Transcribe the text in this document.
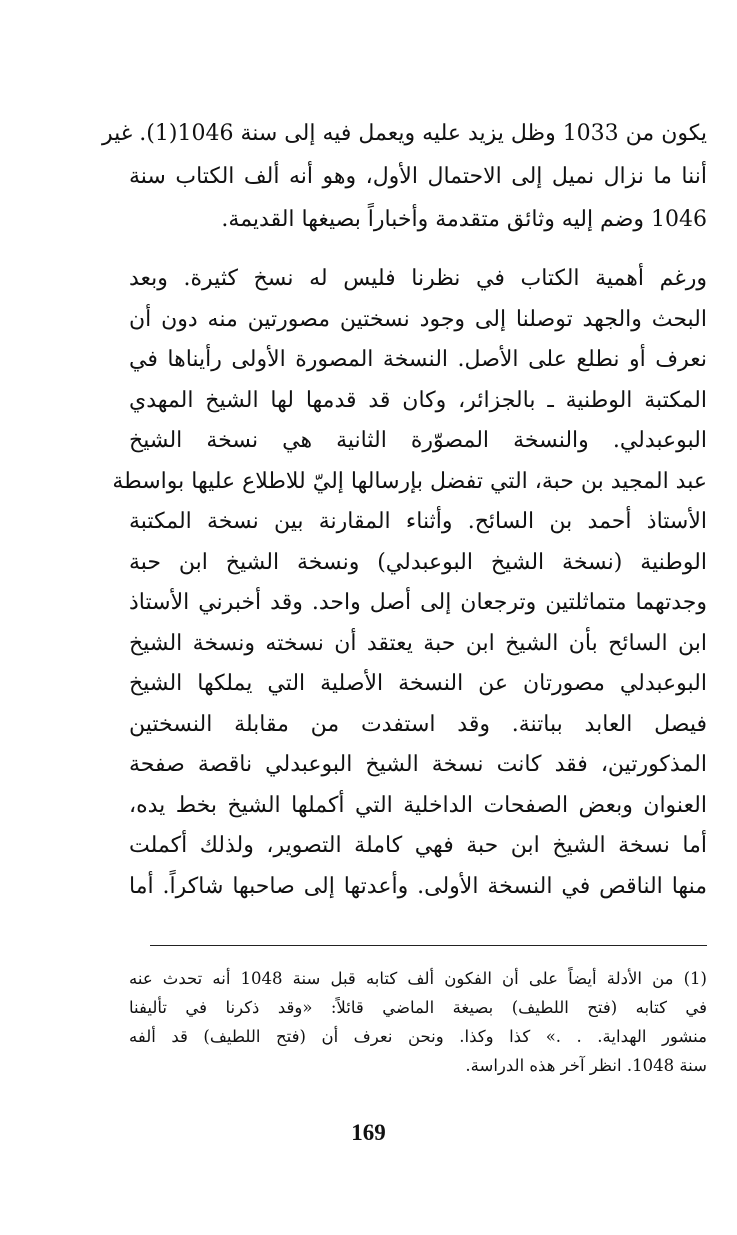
يكون من 1033 وظل يزيد عليه ويعمل فيه إلى سنة 1046(1). غير
أننا ما نزال نميل إلى الاحتمال الأول، وهو أنه ألف الكتاب سنة
1046 وضم إليه وثائق متقدمة وأخباراً بصيغها القديمة.
ورغم أهمية الكتاب في نظرنا فليس له نسخ كثيرة. وبعد
البحث والجهد توصلنا إلى وجود نسختين مصورتين منه دون أن
نعرف أو نطلع على الأصل. النسخة المصورة الأولى رأيناها في
المكتبة الوطنية ـ بالجزائر، وكان قد قدمها لها الشيخ المهدي
البوعبدلي. والنسخة المصوّرة الثانية هي نسخة الشيخ
عبد المجيد بن حبة، التي تفضل بإرسالها إليّ للاطلاع عليها بواسطة
الأستاذ أحمد بن السائح. وأثناء المقارنة بين نسخة المكتبة
الوطنية (نسخة الشيخ البوعبدلي) ونسخة الشيخ ابن حبة
وجدتهما متماثلتين وترجعان إلى أصل واحد. وقد أخبرني الأستاذ
ابن السائح بأن الشيخ ابن حبة يعتقد أن نسخته ونسخة الشيخ
البوعبدلي مصورتان عن النسخة الأصلية التي يملكها الشيخ
فيصل العابد بباتنة. وقد استفدت من مقابلة النسختين
المذكورتين، فقد كانت نسخة الشيخ البوعبدلي ناقصة صفحة
العنوان وبعض الصفحات الداخلية التي أكملها الشيخ بخط يده،
أما نسخة الشيخ ابن حبة فهي كاملة التصوير، ولذلك أكملت
منها الناقص في النسخة الأولى. وأعدتها إلى صاحبها شاكراً. أما
(1) من الأدلة أيضاً على أن الفكون ألف كتابه قبل سنة 1048 أنه تحدث عنه
في كتابه (فتح اللطيف) بصيغة الماضي قائلاً: «وقد ذكرنا في تأليفنا
منشور الهداية. . .» كذا وكذا. ونحن نعرف أن (فتح اللطيف) قد ألفه
سنة 1048. انظر آخر هذه الدراسة.
169
